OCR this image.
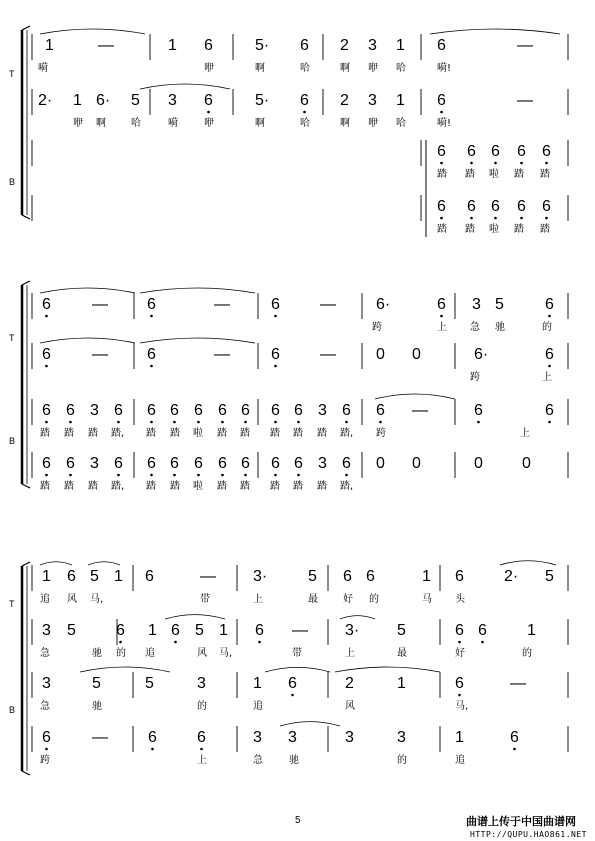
T
B
1	—	1 6	5· 6 2 3 1 6	—
嗬	咿	啊	哈	啊 咿 哈	嗬!
2· 1 6· 5 3 6	5· 6 2 3 1 6	—
咿 啊	哈	嗬	咿	啊	哈	啊 咿 哈	嗬!
6 6 6 6 6
踏 踏 啦 踏 踏
6 6 6 6 6
踏 踏 啦 踏 踏
T
B
6	— 6	—	6	—	6·	6 3 5	6
跨	上 急 驰	的
6	— 6	—	6	—	0 0	6·	6
跨	上
6 6 3 6 6 6 6 6 6 6 6 3 6 6 —	6	6
踏 踏 踏 踏, 踏 踏 啦 踏 踏 踏 踏 踏 踏, 跨	上
6 6 3 6 6 6 6 6 6 6 6 3 6 0 0	0 0
踏 踏 踏 踏, 踏 踏 啦 踏 踏 踏 踏 踏 踏,
T
B
1 6 5 1 6	— 3·	5 6 6	1 6	2· 5
追 风 马,	带	上	最	好 的	马 头
3 5	6 1 6 5 1 6 — 3· 5	6 6	1
急	驰 的 追	风 马,	带	上	最	好	的
3	5	5	3	1 6	2	1	6	—
急	驰	的	追	风	马,
6	—	6	6	3 3	3	3	1	6
跨	上	急	驰	的	追
5	曲谱上传于中国曲谱网
HTTP://QUPU.HAO861.NET
